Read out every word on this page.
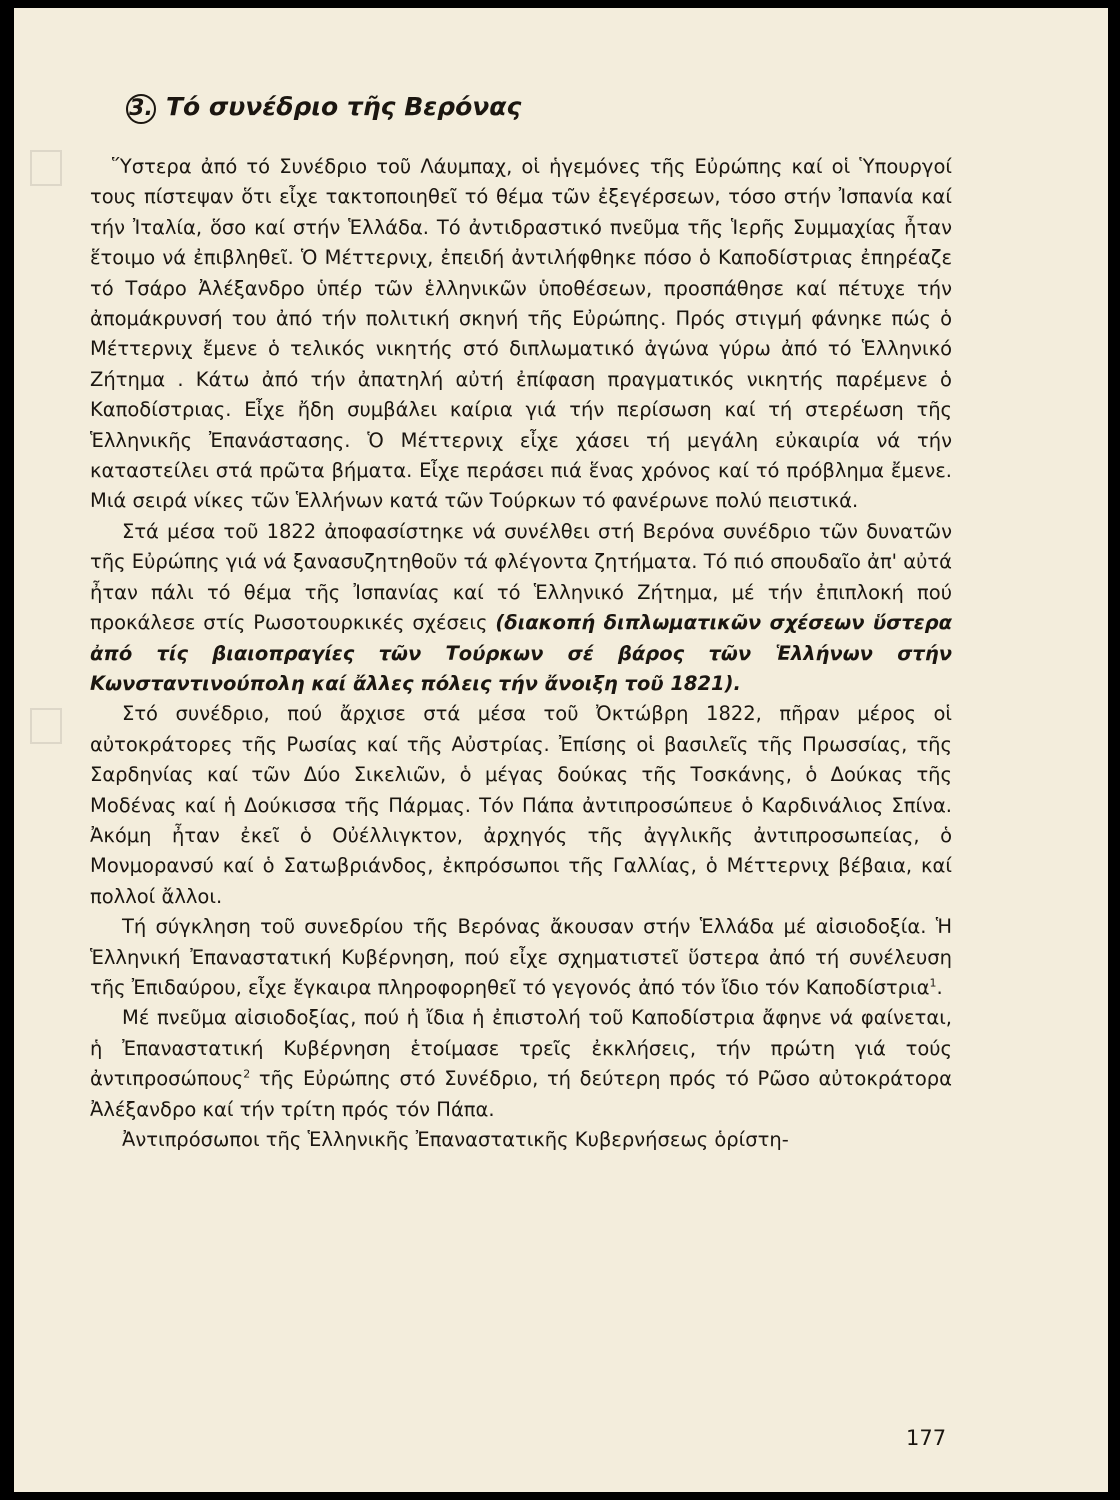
3. Τό συνέδριο τῆς Βερόνας

Ὕστερα ἀπό τό Συνέδριο τοῦ Λάυμπαχ, οἱ ἡγεμόνες τῆς Εὐρώπης καί οἱ Ὑπουργοί τους πίστεψαν ὅτι εἶχε τακτοποιηθεῖ τό θέμα τῶν ἐξεγέρσεων, τόσο στήν Ἰσπανία καί τήν Ἰταλία, ὅσο καί στήν Ἑλλάδα. Τό ἀντιδραστικό πνεῦμα τῆς Ἱερῆς Συμμαχίας ἦταν ἕτοιμο νά ἐπιβληθεῖ. Ὁ Μέττερνιχ, ἐπειδή ἀντιλήφθηκε πόσο ὁ Καποδίστριας ἐπηρέαζε τό Τσάρο Ἀλέξανδρο ὑπέρ τῶν ἑλληνικῶν ὑποθέσεων, προσπάθησε καί πέτυχε τήν ἀπομάκρυνσή του ἀπό τήν πολιτική σκηνή τῆς Εὐρώπης. Πρός στιγμή φάνηκε πώς ὁ Μέττερνιχ ἔμενε ὁ τελικός νικητής στό διπλωματικό ἀγώνα γύρω ἀπό τό Ἑλληνικό Ζήτημα . Κάτω ἀπό τήν ἀπατηλή αὐτή ἐπίφαση πραγματικός νικητής παρέμενε ὁ Καποδίστριας. Εἶχε ἤδη συμβάλει καίρια γιά τήν περίσωση καί τή στερέωση τῆς Ἑλληνικῆς Ἐπανάστασης. Ὁ Μέττερνιχ εἶχε χάσει τή μεγάλη εὐκαιρία νά τήν καταστείλει στά πρῶτα βήματα. Εἶχε περάσει πιά ἕνας χρόνος καί τό πρόβλημα ἔμενε. Μιά σειρά νίκες τῶν Ἑλλήνων κατά τῶν Τούρκων τό φανέρωνε πολύ πειστικά.

Στά μέσα τοῦ 1822 ἀποφασίστηκε νά συνέλθει στή Βερόνα συνέδριο τῶν δυνατῶν τῆς Εὐρώπης γιά νά ξανασυζητηθοῦν τά φλέγοντα ζητήματα. Τό πιό σπουδαῖο ἀπ' αὐτά ἦταν πάλι τό θέμα τῆς Ἰσπανίας καί τό Ἑλληνικό Ζήτημα, μέ τήν ἐπιπλοκή πού προκάλεσε στίς Ρωσοτουρκικές σχέσεις (διακοπή διπλωματικῶν σχέσεων ὕστερα ἀπό τίς βιαιοπραγίες τῶν Τούρκων σέ βάρος τῶν Ἑλλήνων στήν Κωνσταντινούπολη καί ἄλλες πόλεις τήν ἄνοιξη τοῦ 1821).

Στό συνέδριο, πού ἄρχισε στά μέσα τοῦ Ὀκτώβρη 1822, πῆραν μέρος οἱ αὐτοκράτορες τῆς Ρωσίας καί τῆς Αὐστρίας. Ἐπίσης οἱ βασιλεῖς τῆς Πρωσσίας, τῆς Σαρδηνίας καί τῶν Δύο Σικελιῶν, ὁ μέγας δούκας τῆς Τοσκάνης, ὁ Δούκας τῆς Μοδένας καί ἡ Δούκισσα τῆς Πάρμας. Τόν Πάπα ἀντιπροσώπευε ὁ Καρδινάλιος Σπίνα. Ἀκόμη ἦταν ἐκεῖ ὁ Οὐέλλιγκτον, ἀρχηγός τῆς ἀγγλικῆς ἀντιπροσωπείας, ὁ Μονμορανσύ καί ὁ Σατωβριάνδος, ἐκπρόσωποι τῆς Γαλλίας, ὁ Μέττερνιχ βέβαια, καί πολλοί ἄλλοι.

Τή σύγκληση τοῦ συνεδρίου τῆς Βερόνας ἄκουσαν στήν Ἑλλάδα μέ αἰσιοδοξία. Ἡ Ἑλληνική Ἐπαναστατική Κυβέρνηση, πού εἶχε σχηματιστεῖ ὕστερα ἀπό τή συνέλευση τῆς Ἐπιδαύρου, εἶχε ἔγκαιρα πληροφορηθεῖ τό γεγονός ἀπό τόν ἴδιο τόν Καποδίστρια$^1$.

Μέ πνεῦμα αἰσιοδοξίας, πού ἡ ἴδια ἡ ἐπιστολή τοῦ Καποδίστρια ἄφηνε νά φαίνεται, ἡ Ἐπαναστατική Κυβέρνηση ἑτοίμασε τρεῖς ἐκκλήσεις, τήν πρώτη γιά τούς ἀντιπροσώπους$^2$ τῆς Εὐρώπης στό Συνέδριο, τή δεύτερη πρός τό Ρῶσο αὐτοκράτορα Ἀλέξανδρο καί τήν τρίτη πρός τόν Πάπα.

Ἀντιπρόσωποι τῆς Ἑλληνικῆς Ἐπαναστατικῆς Κυβερνήσεως ὁρίστη-

177
